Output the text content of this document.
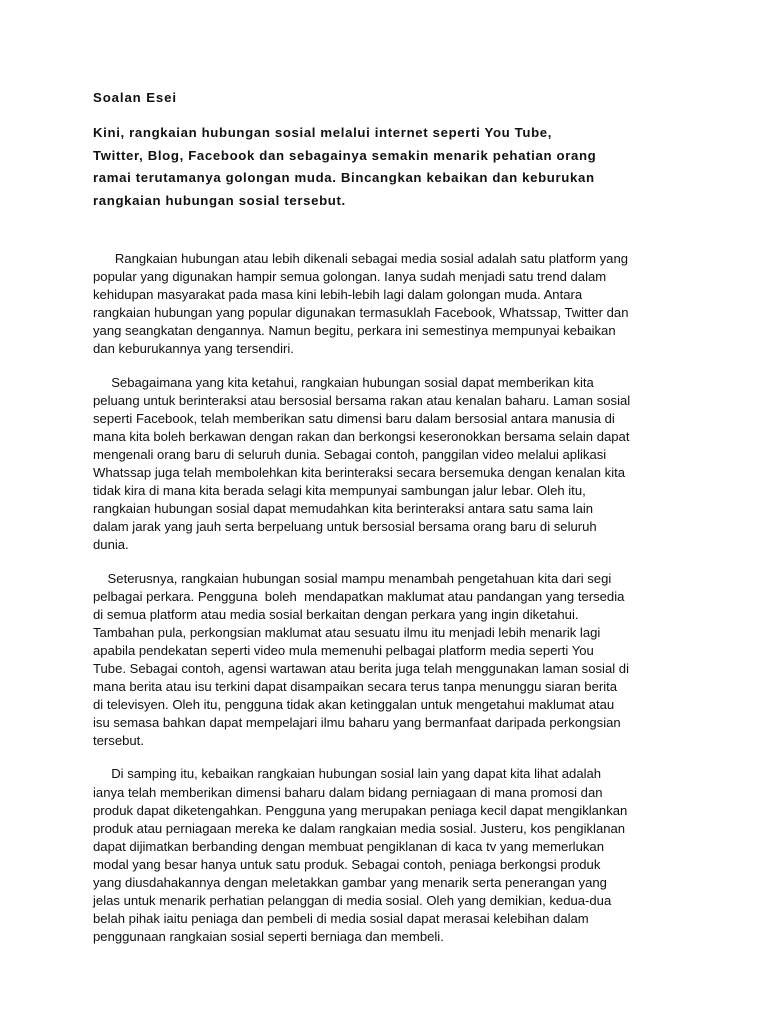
Soalan Esei
Kini, rangkaian hubungan sosial melalui internet seperti You Tube,
Twitter, Blog, Facebook dan sebagainya semakin menarik pehatian orang
ramai terutamanya golongan muda. Bincangkan kebaikan dan keburukan
rangkaian hubungan sosial tersebut.

Rangkaian hubungan atau lebih dikenali sebagai media sosial adalah satu platform yang
popular yang digunakan hampir semua golongan. Ianya sudah menjadi satu trend dalam
kehidupan masyarakat pada masa kini lebih-lebih lagi dalam golongan muda. Antara
rangkaian hubungan yang popular digunakan termasuklah Facebook, Whatssap, Twitter dan
yang seangkatan dengannya. Namun begitu, perkara ini semestinya mempunyai kebaikan
dan keburukannya yang tersendiri.

Sebagaimana yang kita ketahui, rangkaian hubungan sosial dapat memberikan kita
peluang untuk berinteraksi atau bersosial bersama rakan atau kenalan baharu. Laman sosial
seperti Facebook, telah memberikan satu dimensi baru dalam bersosial antara manusia di
mana kita boleh berkawan dengan rakan dan berkongsi keseronokkan bersama selain dapat
mengenali orang baru di seluruh dunia. Sebagai contoh, panggilan video melalui aplikasi
Whatssap juga telah membolehkan kita berinteraksi secara bersemuka dengan kenalan kita
tidak kira di mana kita berada selagi kita mempunyai sambungan jalur lebar. Oleh itu,
rangkaian hubungan sosial dapat memudahkan kita berinteraksi antara satu sama lain
dalam jarak yang jauh serta berpeluang untuk bersosial bersama orang baru di seluruh
dunia.

Seterusnya, rangkaian hubungan sosial mampu menambah pengetahuan kita dari segi
pelbagai perkara. Pengguna  boleh  mendapatkan maklumat atau pandangan yang tersedia
di semua platform atau media sosial berkaitan dengan perkara yang ingin diketahui.
Tambahan pula, perkongsian maklumat atau sesuatu ilmu itu menjadi lebih menarik lagi
apabila pendekatan seperti video mula memenuhi pelbagai platform media seperti You
Tube. Sebagai contoh, agensi wartawan atau berita juga telah menggunakan laman sosial di
mana berita atau isu terkini dapat disampaikan secara terus tanpa menunggu siaran berita
di televisyen. Oleh itu, pengguna tidak akan ketinggalan untuk mengetahui maklumat atau
isu semasa bahkan dapat mempelajari ilmu baharu yang bermanfaat daripada perkongsian
tersebut.

Di samping itu, kebaikan rangkaian hubungan sosial lain yang dapat kita lihat adalah
ianya telah memberikan dimensi baharu dalam bidang perniagaan di mana promosi dan
produk dapat diketengahkan. Pengguna yang merupakan peniaga kecil dapat mengiklankan
produk atau perniagaan mereka ke dalam rangkaian media sosial. Justeru, kos pengiklanan
dapat dijimatkan berbanding dengan membuat pengiklanan di kaca tv yang memerlukan
modal yang besar hanya untuk satu produk. Sebagai contoh, peniaga berkongsi produk
yang diusdahakannya dengan meletakkan gambar yang menarik serta penerangan yang
jelas untuk menarik perhatian pelanggan di media sosial. Oleh yang demikian, kedua-dua
belah pihak iaitu peniaga dan pembeli di media sosial dapat merasai kelebihan dalam
penggunaan rangkaian sosial seperti berniaga dan membeli.
